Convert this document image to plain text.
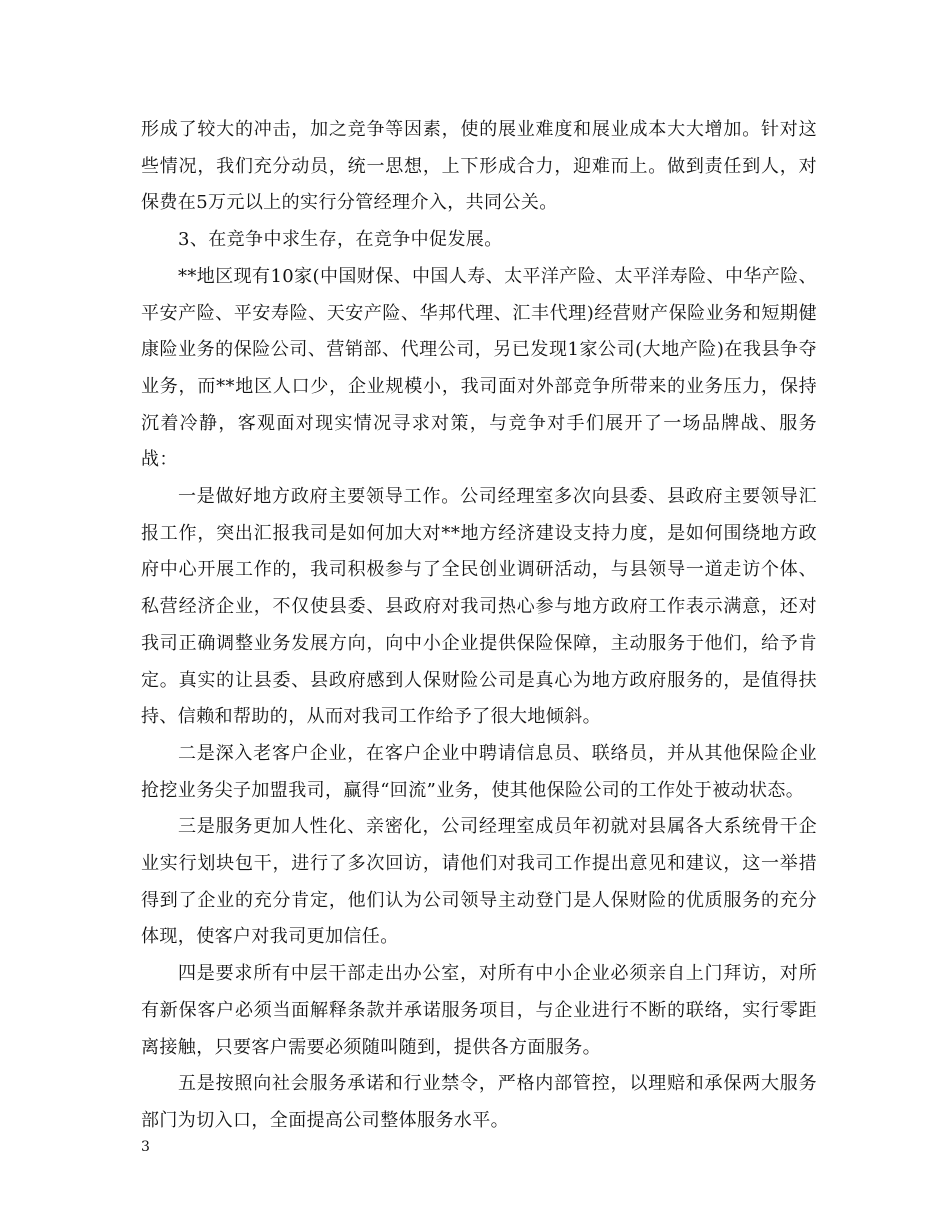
形成了较大的冲击，加之竞争等因素，使的展业难度和展业成本大大增加。针对这些情况，我们充分动员，统一思想，上下形成合力，迎难而上。做到责任到人，对保费在5万元以上的实行分管经理介入，共同公关。

3、在竞争中求生存，在竞争中促发展。

**地区现有10家(中国财保、中国人寿、太平洋产险、太平洋寿险、中华产险、平安产险、平安寿险、天安产险、华邦代理、汇丰代理)经营财产保险业务和短期健康险业务的保险公司、营销部、代理公司，另已发现1家公司(大地产险)在我县争夺业务，而**地区人口少，企业规模小，我司面对外部竞争所带来的业务压力，保持沉着冷静，客观面对现实情况寻求对策，与竞争对手们展开了一场品牌战、服务战：

一是做好地方政府主要领导工作。公司经理室多次向县委、县政府主要领导汇报工作，突出汇报我司是如何加大对**地方经济建设支持力度，是如何围绕地方政府中心开展工作的，我司积极参与了全民创业调研活动，与县领导一道走访个体、私营经济企业，不仅使县委、县政府对我司热心参与地方政府工作表示满意，还对我司正确调整业务发展方向，向中小企业提供保险保障，主动服务于他们，给予肯定。真实的让县委、县政府感到人保财险公司是真心为地方政府服务的，是值得扶持、信赖和帮助的，从而对我司工作给予了很大地倾斜。

二是深入老客户企业，在客户企业中聘请信息员、联络员，并从其他保险企业抢挖业务尖子加盟我司，赢得“回流”业务，使其他保险公司的工作处于被动状态。

三是服务更加人性化、亲密化，公司经理室成员年初就对县属各大系统骨干企业实行划块包干，进行了多次回访，请他们对我司工作提出意见和建议，这一举措得到了企业的充分肯定，他们认为公司领导主动登门是人保财险的优质服务的充分体现，使客户对我司更加信任。

四是要求所有中层干部走出办公室，对所有中小企业必须亲自上门拜访，对所有新保客户必须当面解释条款并承诺服务项目，与企业进行不断的联络，实行零距离接触，只要客户需要必须随叫随到，提供各方面服务。

五是按照向社会服务承诺和行业禁令，严格内部管控，以理赔和承保两大服务部门为切入口，全面提高公司整体服务水平。

3
